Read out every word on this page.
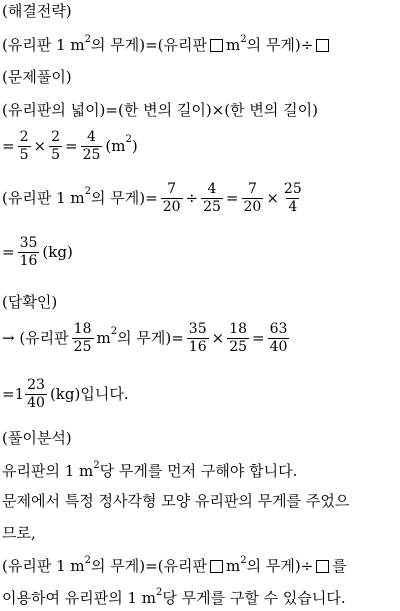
(해결전략)
(유리판 1 m 2 의 무게)=(유리판 m 2 의 무게)÷
(문제풀이)
(유리판의 넓이)=(한 변의 길이)×(한 변의 길이)
= $\frac{2}{5} \times \frac{2}{5} = \frac{4}{25} (m$ 2 )
(유리판 1 m 2 의 무게)= $\frac{7}{20} \div \frac{4}{25} = \frac{7}{20} \times \frac{25}{4}$
= $\frac{35}{16} (kg)$
(답확인)
→ (유리판 $\frac{18}{25}$ m 2 의 무게)= $\frac{35}{16} \times \frac{18}{25} = \frac{63}{40}$
$=1 \frac{23}{40} (kg)$입니다.
(풀이분석)
유리판의 1 m 2 당 무게를 먼저 구해야 합니다.
문제에서 특정 정사각형 모양 유리판의 무게를 주었으
므로,
(유리판 1 m 2 의 무게)=(유리판 m 2 의 무게)÷ 를
이용하여 유리판의 1 m 2 당 무게를 구할 수 있습니다.
